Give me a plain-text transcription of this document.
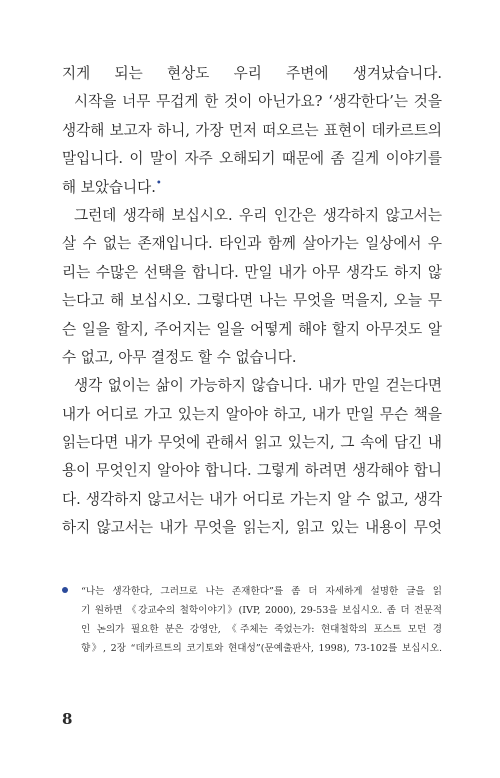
지게 되는 현상도 우리 주변에 생겨났습니다.
시작을 너무 무겁게 한 것이 아닌가요? ‘생각한다’는 것을
생각해 보고자 하니, 가장 먼저 떠오르는 표현이 데카르트의
말입니다. 이 말이 자주 오해되기 때문에 좀 길게 이야기를
해 보았습니다.•
그런데 생각해 보십시오. 우리 인간은 생각하지 않고서는
살 수 없는 존재입니다. 타인과 함께 살아가는 일상에서 우
리는 수많은 선택을 합니다. 만일 내가 아무 생각도 하지 않
는다고 해 보십시오. 그렇다면 나는 무엇을 먹을지, 오늘 무
슨 일을 할지, 주어지는 일을 어떻게 해야 할지 아무것도 알
수 없고, 아무 결정도 할 수 없습니다.
생각 없이는 삶이 가능하지 않습니다. 내가 만일 걷는다면
내가 어디로 가고 있는지 알아야 하고, 내가 만일 무슨 책을
읽는다면 내가 무엇에 관해서 읽고 있는지, 그 속에 담긴 내
용이 무엇인지 알아야 합니다. 그렇게 하려면 생각해야 합니
다. 생각하지 않고서는 내가 어디로 가는지 알 수 없고, 생각
하지 않고서는 내가 무엇을 읽는지, 읽고 있는 내용이 무엇
“나는 생각한다, 그러므로 나는 존재한다”를 좀 더 자세하게 설명한 글을 읽
기 원하면 《강교수의 철학이야기》(IVP, 2000), 29-53을 보십시오. 좀 더 전문적
인 논의가 필요한 분은 강영안, 《주체는 죽었는가: 현대철학의 포스트 모던 경
향》, 2장 “데카르트의 코기토와 현대성”(문예출판사, 1998), 73-102를 보십시오.
8
